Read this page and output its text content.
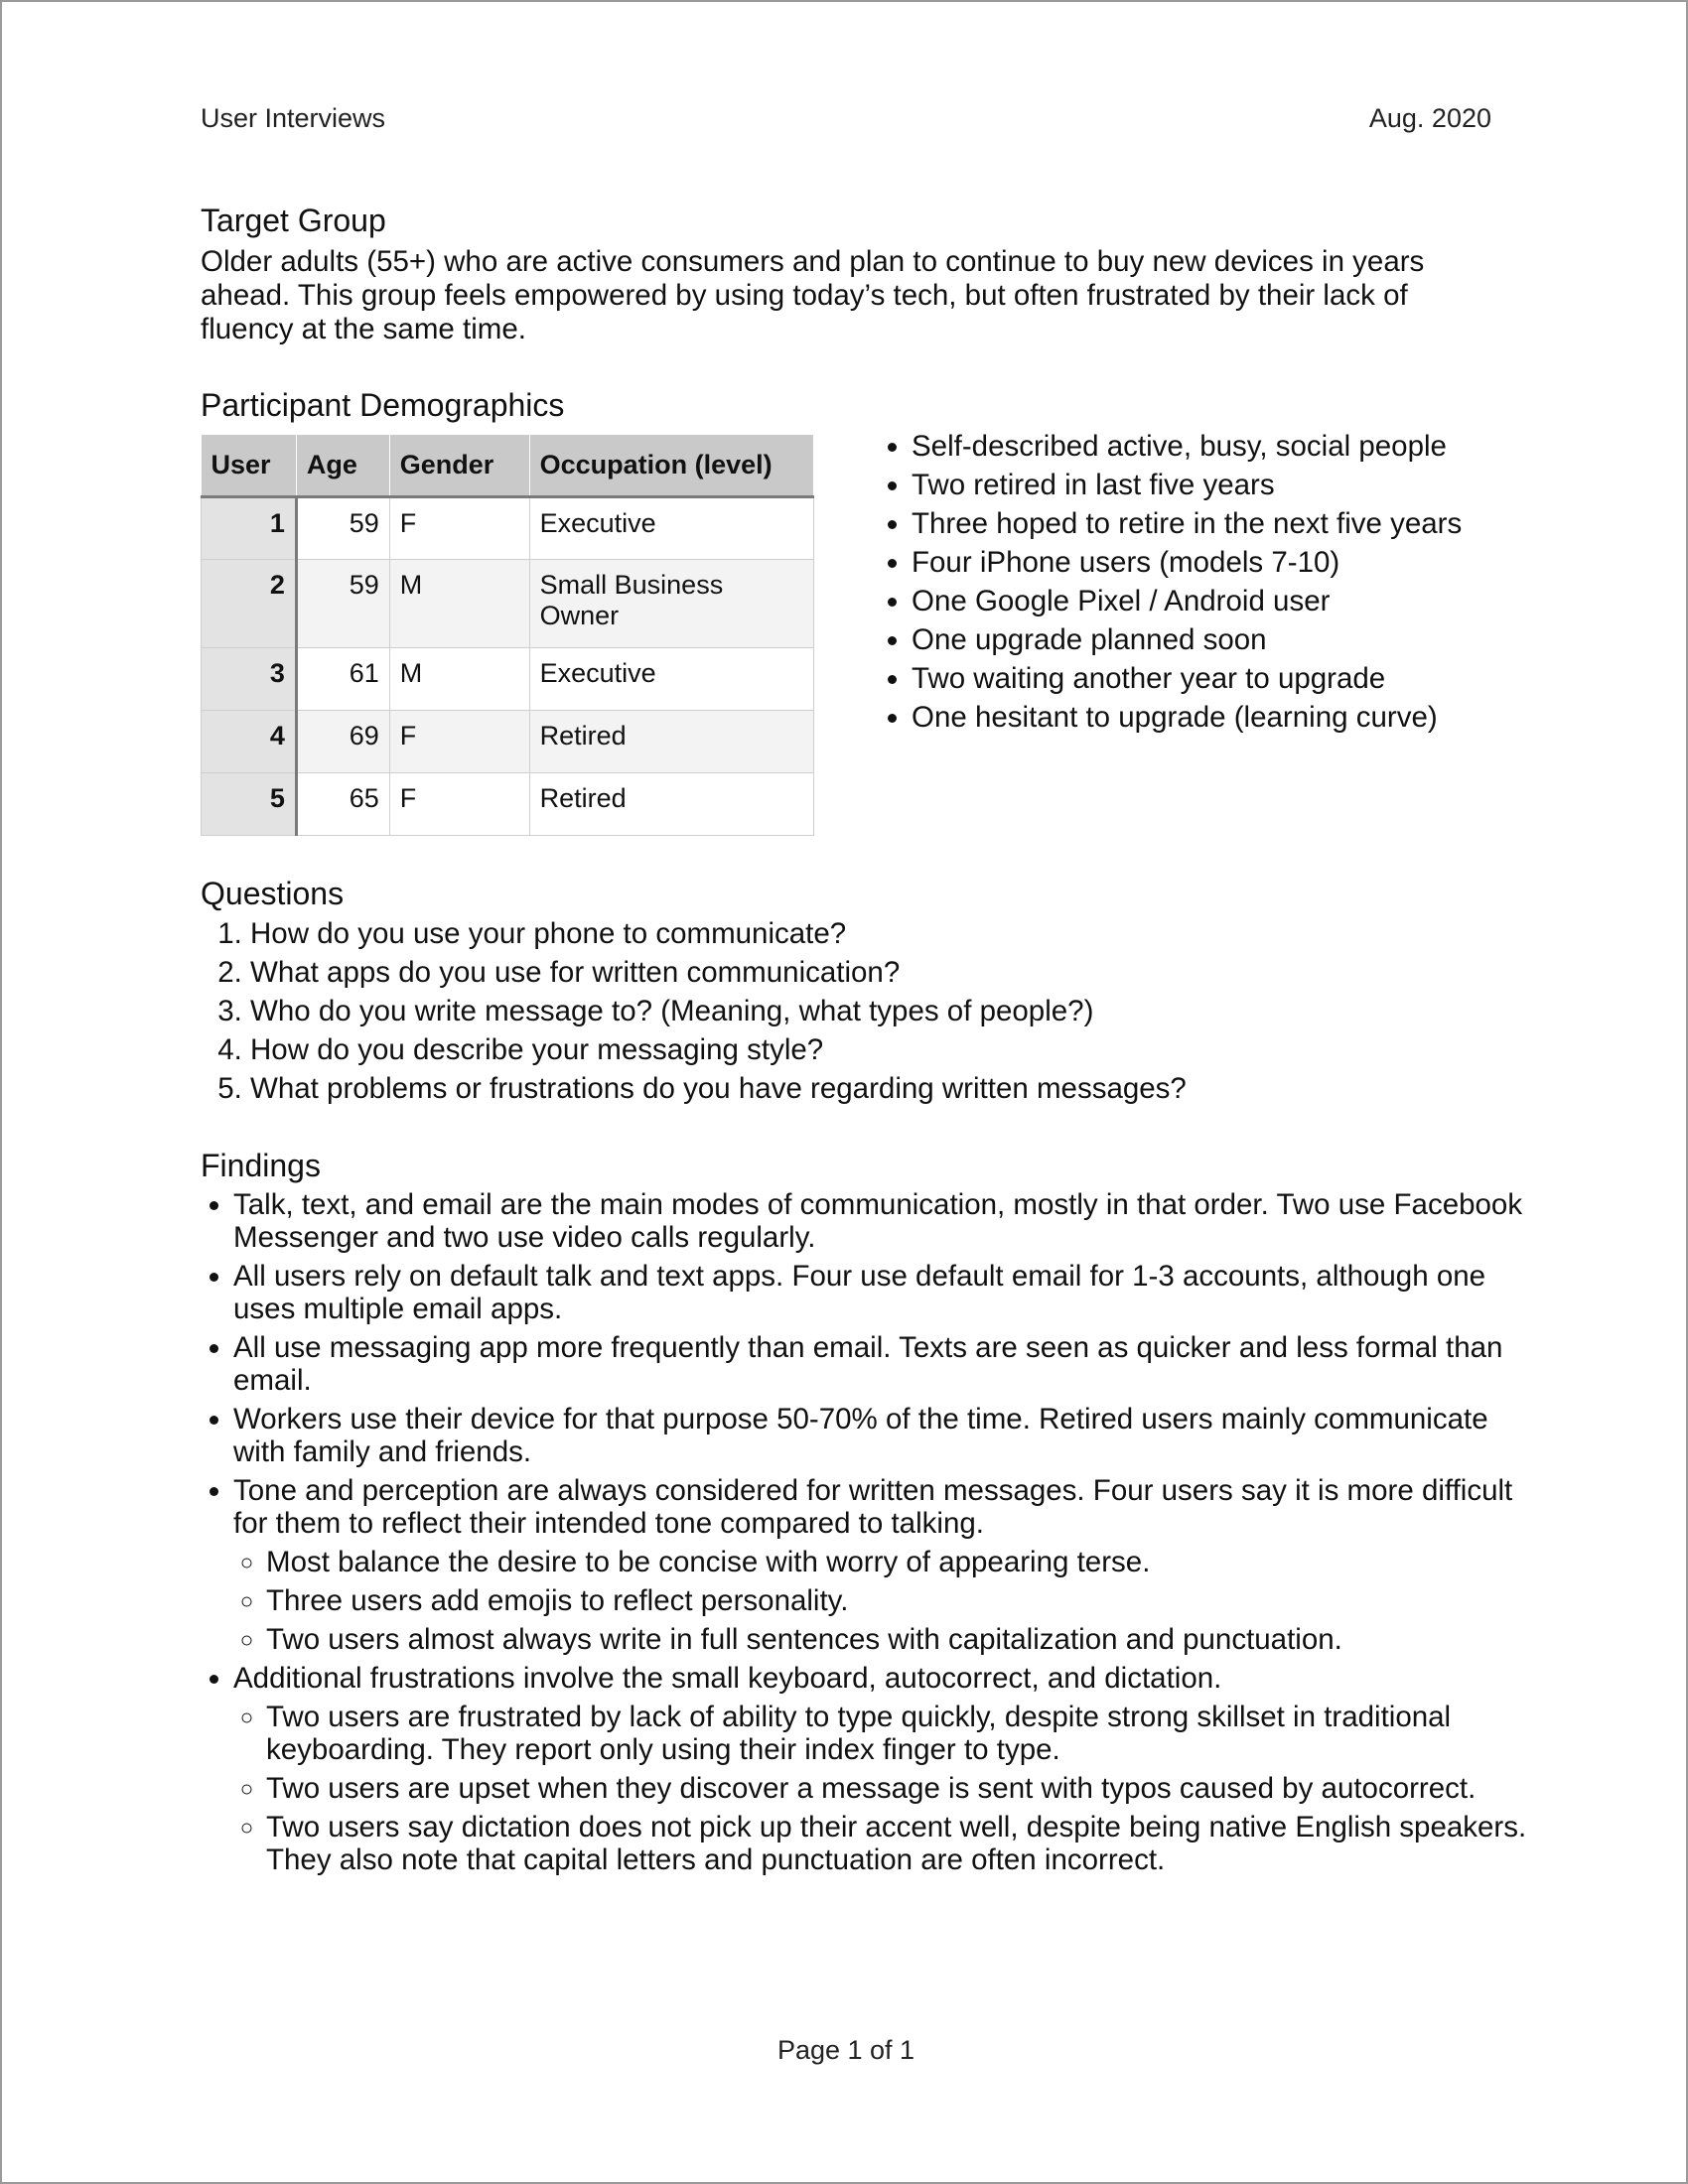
User Interviews	Aug. 2020
Target Group
Older adults (55+) who are active consumers and plan to continue to buy new devices in years ahead. This group feels empowered by using today’s tech, but often frustrated by their lack of fluency at the same time.
Participant Demographics
User	Age	Gender	Occupation (level)
1	59	F	Executive
2	59	M	Small Business Owner
3	61	M	Executive
4	69	F	Retired
5	65	F	Retired
• Self-described active, busy, social people
• Two retired in last five years
• Three hoped to retire in the next five years
• Four iPhone users (models 7-10)
• One Google Pixel / Android user
• One upgrade planned soon
• Two waiting another year to upgrade
• One hesitant to upgrade (learning curve)
Questions
1. How do you use your phone to communicate?
2. What apps do you use for written communication?
3. Who do you write message to? (Meaning, what types of people?)
4. How do you describe your messaging style?
5. What problems or frustrations do you have regarding written messages?
Findings
• Talk, text, and email are the main modes of communication, mostly in that order. Two use Facebook Messenger and two use video calls regularly.
• All users rely on default talk and text apps. Four use default email for 1-3 accounts, although one uses multiple email apps.
• All use messaging app more frequently than email. Texts are seen as quicker and less formal than email.
• Workers use their device for that purpose 50-70% of the time. Retired users mainly communicate with family and friends.
• Tone and perception are always considered for written messages. Four users say it is more difficult for them to reflect their intended tone compared to talking.
◦ Most balance the desire to be concise with worry of appearing terse.
◦ Three users add emojis to reflect personality.
◦ Two users almost always write in full sentences with capitalization and punctuation.
• Additional frustrations involve the small keyboard, autocorrect, and dictation.
◦ Two users are frustrated by lack of ability to type quickly, despite strong skillset in traditional keyboarding. They report only using their index finger to type.
◦ Two users are upset when they discover a message is sent with typos caused by autocorrect.
◦ Two users say dictation does not pick up their accent well, despite being native English speakers. They also note that capital letters and punctuation are often incorrect.
Page 1 of 1
